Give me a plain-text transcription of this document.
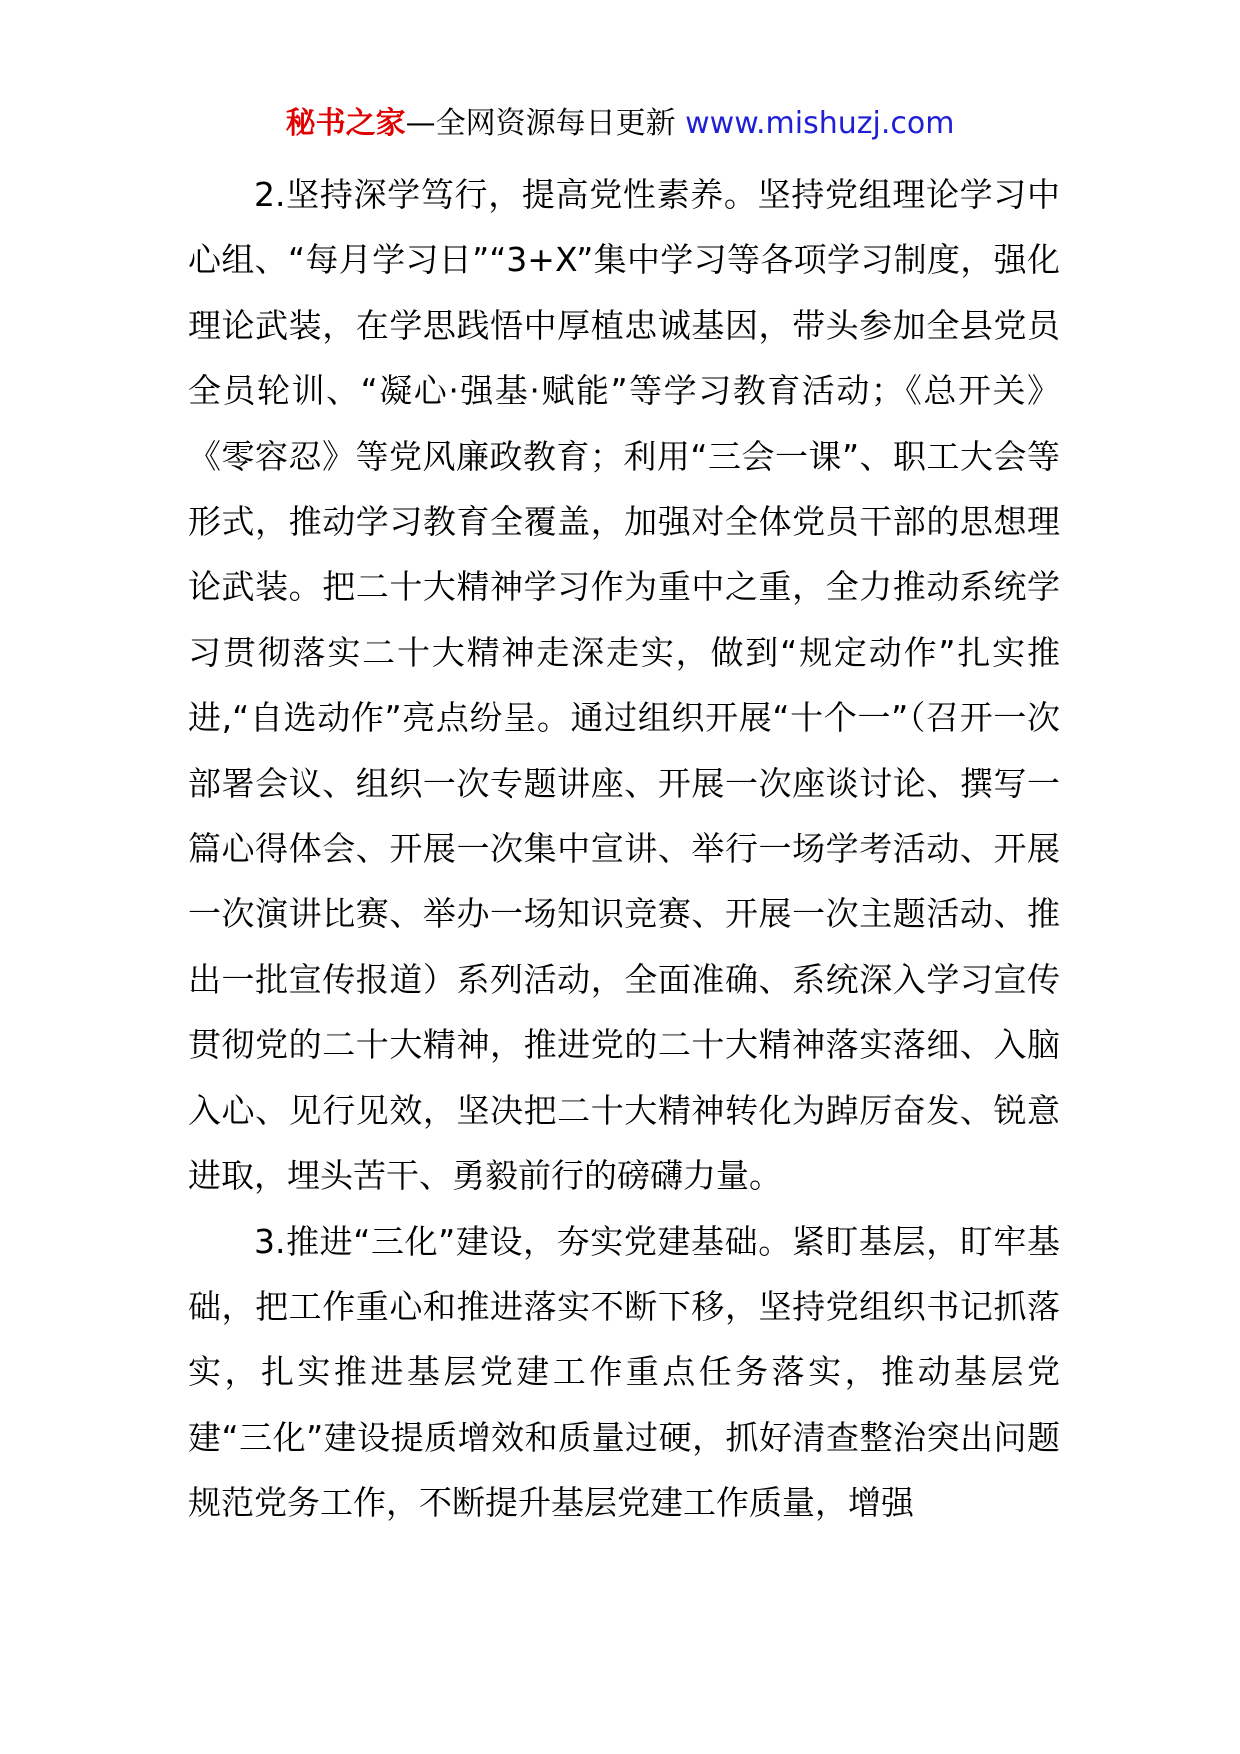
秘书之家—全网资源每日更新 www.mishuzj.com

2.坚持深学笃行，提高党性素养。坚持党组理论学习中心组、“每月学习日”“3+X”集中学习等各项学习制度，强化理论武装，在学思践悟中厚植忠诚基因，带头参加全县党员全员轮训、“凝心·强基·赋能”等学习教育活动；《总开关》《零容忍》等党风廉政教育；利用“三会一课”、职工大会等形式，推动学习教育全覆盖，加强对全体党员干部的思想理论武装。把二十大精神学习作为重中之重，全力推动系统学习贯彻落实二十大精神走深走实，做到“规定动作”扎实推进,“自选动作”亮点纷呈。通过组织开展“十个一”（召开一次部署会议、组织一次专题讲座、开展一次座谈讨论、撰写一篇心得体会、开展一次集中宣讲、举行一场学考活动、开展一次演讲比赛、举办一场知识竞赛、开展一次主题活动、推出一批宣传报道）系列活动，全面准确、系统深入学习宣传贯彻党的二十大精神，推进党的二十大精神落实落细、入脑入心、见行见效，坚决把二十大精神转化为踔厉奋发、锐意进取，埋头苦干、勇毅前行的磅礴力量。

3.推进“三化”建设，夯实党建基础。紧盯基层，盯牢基础，把工作重心和推进落实不断下移，坚持党组织书记抓落实，扎实推进基层党建工作重点任务落实，推动基层党建“三化”建设提质增效和质量过硬，抓好清查整治突出问题规范党务工作，不断提升基层党建工作质量，增强
